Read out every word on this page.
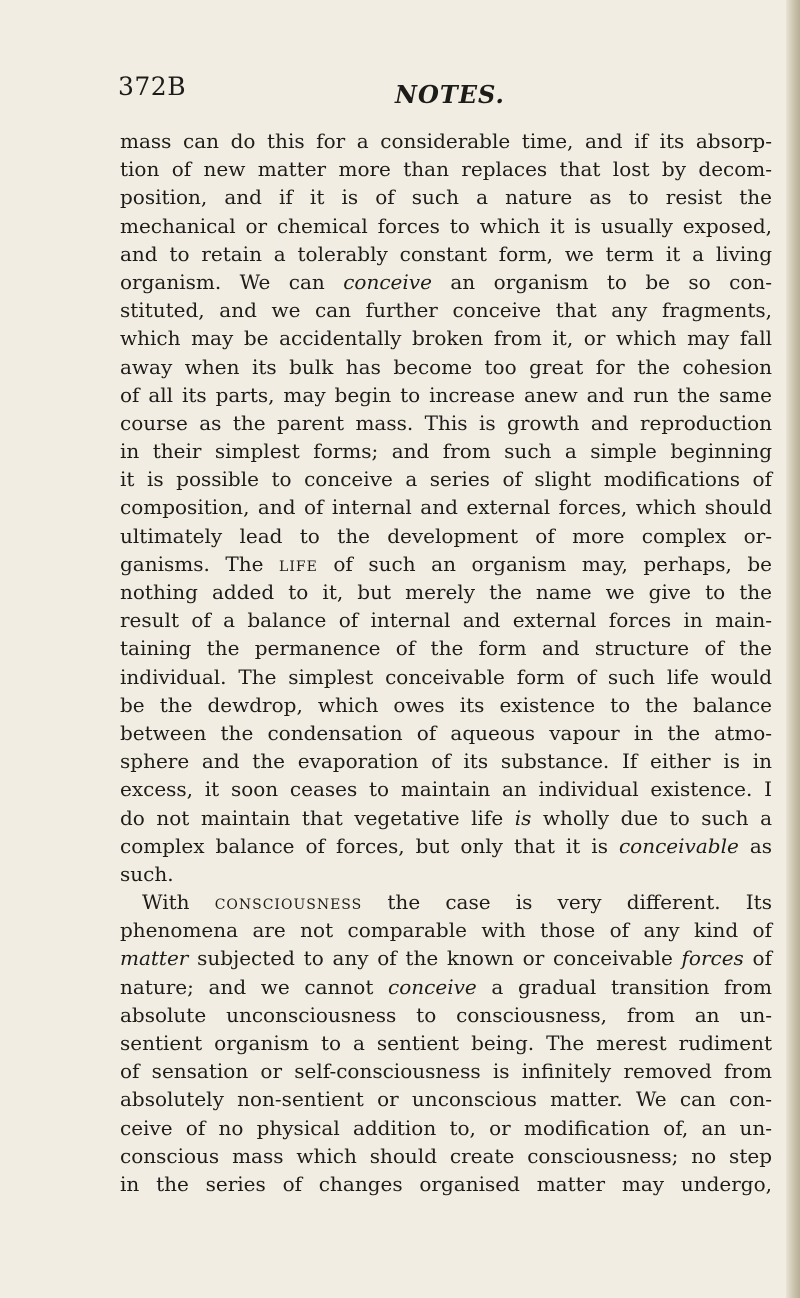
372B	NOTES.
mass can do this for a considerable time, and if its absorp-
tion of new matter more than replaces that lost by decom-
position, and if it is of such a nature as to resist the
mechanical or chemical forces to which it is usually exposed,
and to retain a tolerably constant form, we term it a living
organism. We can conceive an organism to be so con-
stituted, and we can further conceive that any fragments,
which may be accidentally broken from it, or which may fall
away when its bulk has become too great for the cohesion
of all its parts, may begin to increase anew and run the same
course as the parent mass. This is growth and reproduction
in their simplest forms; and from such a simple beginning
it is possible to conceive a series of slight modifications of
composition, and of internal and external forces, which should
ultimately lead to the development of more complex or-
ganisms. The life of such an organism may, perhaps, be
nothing added to it, but merely the name we give to the
result of a balance of internal and external forces in main-
taining the permanence of the form and structure of the
individual. The simplest conceivable form of such life would
be the dewdrop, which owes its existence to the balance
between the condensation of aqueous vapour in the atmo-
sphere and the evaporation of its substance. If either is in
excess, it soon ceases to maintain an individual existence. I
do not maintain that vegetative life is wholly due to such a
complex balance of forces, but only that it is conceivable as
such.
With consciousness the case is very different. Its
phenomena are not comparable with those of any kind of
matter subjected to any of the known or conceivable forces of
nature; and we cannot conceive a gradual transition from
absolute unconsciousness to consciousness, from an un-
sentient organism to a sentient being. The merest rudiment
of sensation or self-consciousness is infinitely removed from
absolutely non-sentient or unconscious matter. We can con-
ceive of no physical addition to, or modification of, an un-
conscious mass which should create consciousness; no step
in the series of changes organised matter may undergo,
